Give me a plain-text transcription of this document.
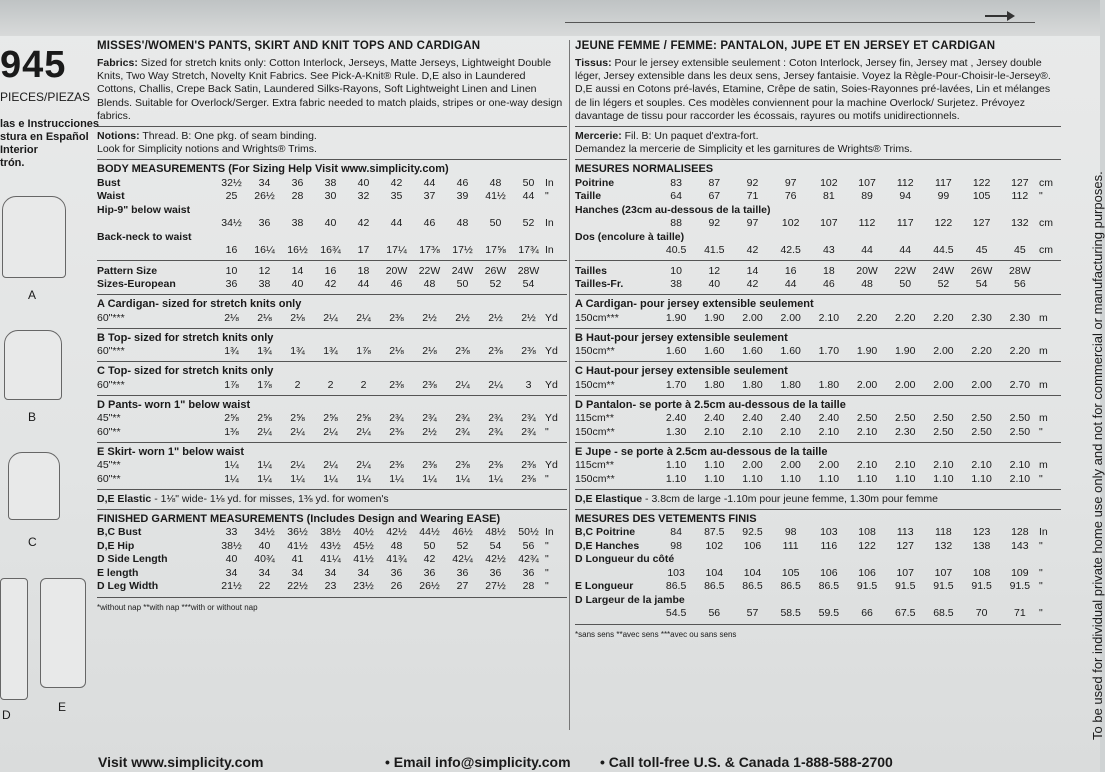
945
PIECES/PIEZAS
las e Instrucciones
stura en Español
Interior
trón.
A
B
C
D
E
MISSES'/WOMEN'S PANTS, SKIRT AND KNIT TOPS AND CARDIGAN
Fabrics: Sized for stretch knits only: Cotton Interlock, Jerseys, Matte Jerseys, Lightweight Double Knits, Two Way Stretch, Novelty Knit Fabrics. See Pick-A-Knit® Rule. D,E also in Laundered Cottons, Challis, Crepe Back Satin, Laundered Silks-Rayons, Soft Lightweight Linen and Linen Blends. Suitable for Overlock/Serger. Extra fabric needed to match plaids, stripes or one-way design fabrics.
Notions: Thread. B: One pkg. of seam binding.
Look for Simplicity notions and Wrights® Trims.
BODY MEASUREMENTS (For Sizing Help Visit www.simplicity.com)
Bust	32½	34	36	38	40	42	44	46	48	50	In
Waist	25	26½	28	30	32	35	37	39	41½	44	"
Hip-9" below waist											
	34½	36	38	40	42	44	46	48	50	52	In
Back-neck to waist											
	16	16¼	16½	16¾	17	17¼	17⅜	17½	17⅝	17¾	In
Pattern Size	10	12	14	16	18	20W	22W	24W	26W	28W	
Sizes-European	36	38	40	42	44	46	48	50	52	54	
A Cardigan- sized for stretch knits only
60"***	2⅛	2⅛	2⅛	2¼	2¼	2⅜	2½	2½	2½	2½	Yd
B Top- sized for stretch knits only
60"***	1¾	1¾	1¾	1¾	1⅞	2⅛	2⅛	2⅜	2⅜	2⅜	Yd
C Top- sized for stretch knits only
60"***	1⅞	1⅞	2	2	2	2⅜	2⅜	2¼	2¼	3	Yd
D Pants- worn 1" below waist
45"**	2⅝	2⅝	2⅝	2⅝	2⅝	2¾	2¾	2¾	2¾	2¾	Yd
60"**	1⅜	2¼	2¼	2¼	2¼	2⅜	2½	2¾	2¾	2¾	"
E Skirt- worn 1" below waist
45"**	1¼	1¼	2¼	2¼	2¼	2⅜	2⅜	2⅜	2⅜	2⅜	Yd
60"**	1¼	1¼	1¼	1¼	1¼	1¼	1¼	1¼	1¼	2⅜	"
D,E Elastic - 1⅛" wide- 1⅛ yd. for misses, 1⅜ yd. for women's
FINISHED GARMENT MEASUREMENTS (Includes Design and Wearing EASE)
B,C Bust	33	34½	36½	38½	40½	42½	44½	46½	48½	50½	In
D,E Hip	38½	40	41½	43½	45½	48	50	52	54	56	"
D Side Length	40	40¾	41	41¼	41½	41¾	42	42¼	42½	42¾	"
E length	34	34	34	34	34	36	36	36	36	36	"
D Leg Width	21½	22	22½	23	23½	26	26½	27	27½	28	"
*without nap **with nap ***with or without nap
JEUNE FEMME / FEMME: PANTALON, JUPE ET EN JERSEY ET CARDIGAN
Tissus: Pour le jersey extensible seulement : Coton Interlock, Jersey fin, Jersey mat , Jersey double léger, Jersey extensible dans les deux sens, Jersey fantaisie. Voyez la Règle-Pour-Choisir-le-Jersey®. D,E aussi en Cotons pré-lavés, Etamine, Crêpe de satin, Soies-Rayonnes pré-lavées, Lin et mélanges de lin légers et souples. Ces modèles conviennent pour la machine Overlock/ Surjetez. Prévoyez davantage de tissu pour raccorder les écossais, rayures ou motifs unidirectionnels.
Mercerie: Fil. B: Un paquet d'extra-fort.
Demandez la mercerie de Simplicity et les garnitures de Wrights® Trims.
MESURES NORMALISEES
Poitrine	83	87	92	97	102	107	112	117	122	127	cm
Taille	64	67	71	76	81	89	94	99	105	112	"
Hanches (23cm au-dessous de la taille)											
	88	92	97	102	107	112	117	122	127	132	cm
Dos (encolure à taille)											
	40.5	41.5	42	42.5	43	44	44	44.5	45	45	cm
Tailles	10	12	14	16	18	20W	22W	24W	26W	28W	
Tailles-Fr.	38	40	42	44	46	48	50	52	54	56	
A Cardigan- pour jersey extensible seulement
150cm***	1.90	1.90	2.00	2.00	2.10	2.20	2.20	2.20	2.30	2.30	m
B Haut-pour jersey extensible seulement
150cm**	1.60	1.60	1.60	1.60	1.70	1.90	1.90	2.00	2.20	2.20	m
C Haut-pour jersey extensible seulement
150cm**	1.70	1.80	1.80	1.80	1.80	2.00	2.00	2.00	2.00	2.70	m
D Pantalon- se porte à 2.5cm au-dessous de la taille
115cm**	2.40	2.40	2.40	2.40	2.40	2.50	2.50	2.50	2.50	2.50	m
150cm**	1.30	2.10	2.10	2.10	2.10	2.10	2.30	2.50	2.50	2.50	"
E Jupe - se porte à 2.5cm au-dessous de la taille
115cm**	1.10	1.10	2.00	2.00	2.00	2.10	2.10	2.10	2.10	2.10	m
150cm**	1.10	1.10	1.10	1.10	1.10	1.10	1.10	1.10	1.10	2.10	"
D,E Elastique - 3.8cm de large -1.10m pour jeune femme, 1.30m pour femme
MESURES DES VETEMENTS FINIS
B,C Poitrine	84	87.5	92.5	98	103	108	113	118	123	128	In
D,E Hanches	98	102	106	111	116	122	127	132	138	143	"
D Longueur du côté											
	103	104	104	105	106	106	107	107	108	109	"
E Longueur	86.5	86.5	86.5	86.5	86.5	91.5	91.5	91.5	91.5	91.5	"
D Largeur de la jambe											
	54.5	56	57	58.5	59.5	66	67.5	68.5	70	71	"
*sans sens **avec sens ***avec ou sans sens	To be used for individual private home use only and not for commercial or manufacturing purposes.
Visit www.simplicity.com	• Email info@simplicity.com • Call toll-free U.S. & Canada 1-888-588-2700
